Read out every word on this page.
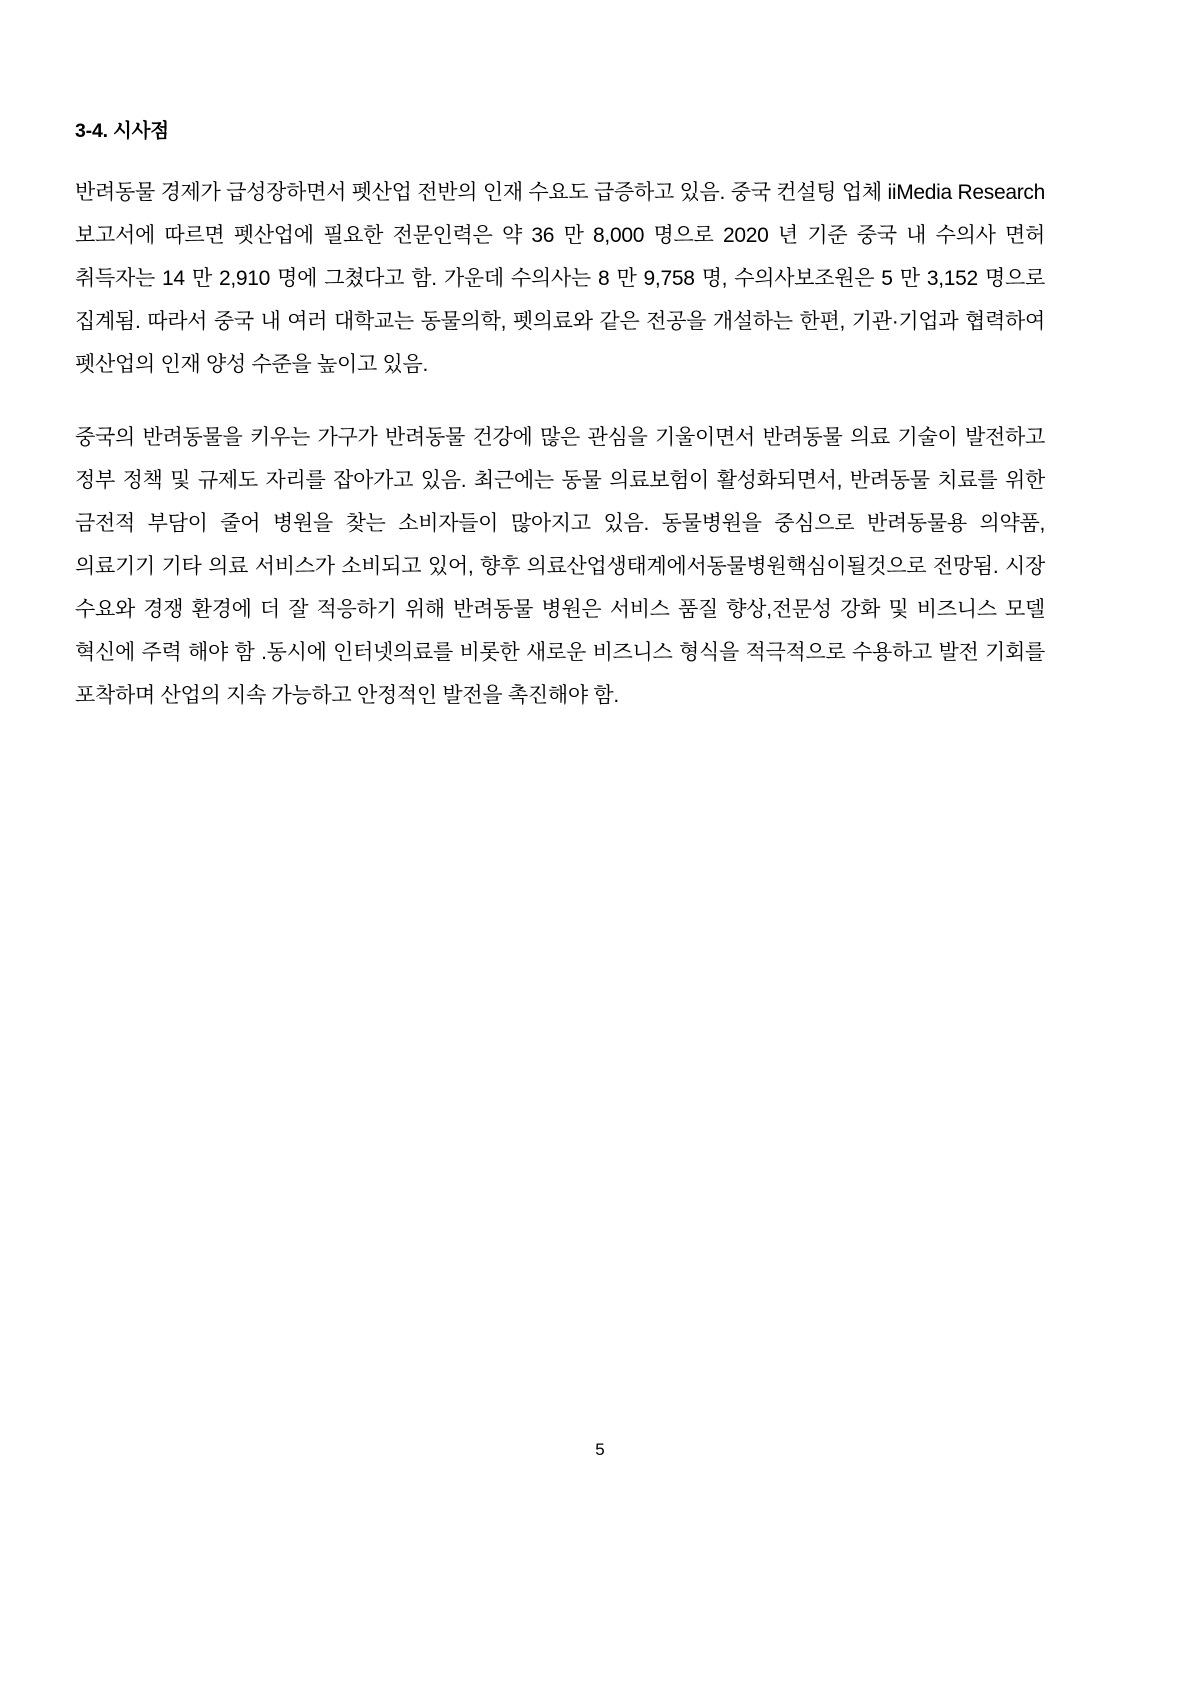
3-4. 시사점

반려동물 경제가 급성장하면서 펫산업 전반의 인재 수요도 급증하고 있음. 중국 컨설팅 업체 iiMedia Research 보고서에 따르면 펫산업에 필요한 전문인력은 약 36 만 8,000 명으로 2020 년 기준 중국 내 수의사 면허 취득자는 14 만 2,910 명에 그쳤다고 함. 가운데 수의사는 8 만 9,758 명, 수의사보조원은 5 만 3,152 명으로 집계됨. 따라서 중국 내 여러 대학교는 동물의학, 펫의료와 같은 전공을 개설하는 한편, 기관·기업과 협력하여 펫산업의 인재 양성 수준을 높이고 있음.

중국의 반려동물을 키우는 가구가 반려동물 건강에 많은 관심을 기울이면서 반려동물 의료 기술이 발전하고 정부 정책 및 규제도 자리를 잡아가고 있음. 최근에는 동물 의료보험이 활성화되면서, 반려동물 치료를 위한 금전적 부담이 줄어 병원을 찾는 소비자들이 많아지고 있음. 동물병원을 중심으로 반려동물용 의약품, 의료기기 기타 의료 서비스가 소비되고 있어, 향후 의료산업생태계에서동물병원핵심이될것으로 전망됨. 시장 수요와 경쟁 환경에 더 잘 적응하기 위해 반려동물 병원은 서비스 품질 향상,전문성 강화 및 비즈니스 모델 혁신에 주력 해야 함 .동시에 인터넷의료를 비롯한 새로운 비즈니스 형식을 적극적으로 수용하고 발전 기회를 포착하며 산업의 지속 가능하고 안정적인 발전을 촉진해야 함.

5
